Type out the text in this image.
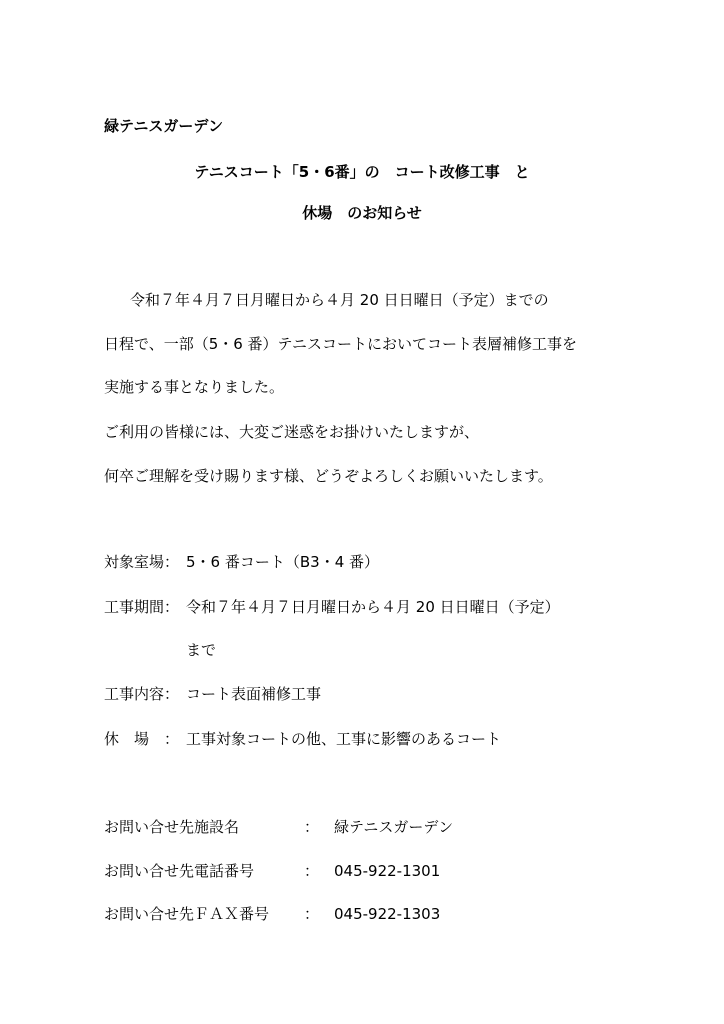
緑テニスガーデン
テニスコート「5・6番」の　コート改修工事　と
休場　のお知らせ
令和７年４月７日月曜日から４月 20 日日曜日（予定）までの
日程で、一部（5・6 番）テニスコートにおいてコート表層補修工事を
実施する事となりました。
ご利用の皆様には、大変ご迷惑をお掛けいたしますが、
何卒ご理解を受け賜ります様、どうぞよろしくお願いいたします。
対象室場： 5・6 番コート（B3・4 番）
工事期間： 令和７年４月７日月曜日から４月 20 日日曜日（予定）
まで
工事内容： コート表面補修工事
休　場　： 工事対象コートの他、工事に影響のあるコート
お問い合せ先施設名	： 緑テニスガーデン
お問い合せ先電話番号	： 045-922-1301
お問い合せ先ＦＡＸ番号 ： 045-922-1303
